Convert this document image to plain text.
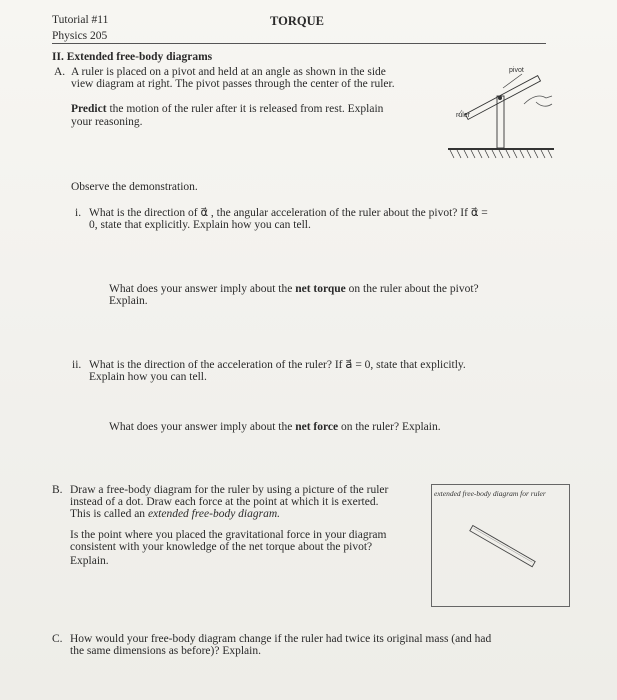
Tutorial #11	TORQUE
Physics 205
II. Extended free-body diagrams
A. A ruler is placed on a pivot and held at an angle as shown in the side
view diagram at right. The pivot passes through the center of the ruler.
Predict the motion of the ruler after it is released from rest. Explain
your reasoning.
pivot
ruler
Observe the demonstration.
i. What is the direction of α⃗ , the angular acceleration of the ruler about the pivot? If α⃗ =
0, state that explicitly. Explain how you can tell.
What does your answer imply about the net torque on the ruler about the pivot?
Explain.
ii. What is the direction of the acceleration of the ruler? If a⃗ = 0, state that explicitly.
Explain how you can tell.
What does your answer imply about the net force on the ruler? Explain.
B. Draw a free-body diagram for the ruler by using a picture of the ruler
instead of a dot. Draw each force at the point at which it is exerted.
This is called an extended free-body diagram.
Is the point where you placed the gravitational force in your diagram
consistent with your knowledge of the net torque about the pivot?
Explain.
extended free-body diagram for ruler
C. How would your free-body diagram change if the ruler had twice its original mass (and had
the same dimensions as before)? Explain.
